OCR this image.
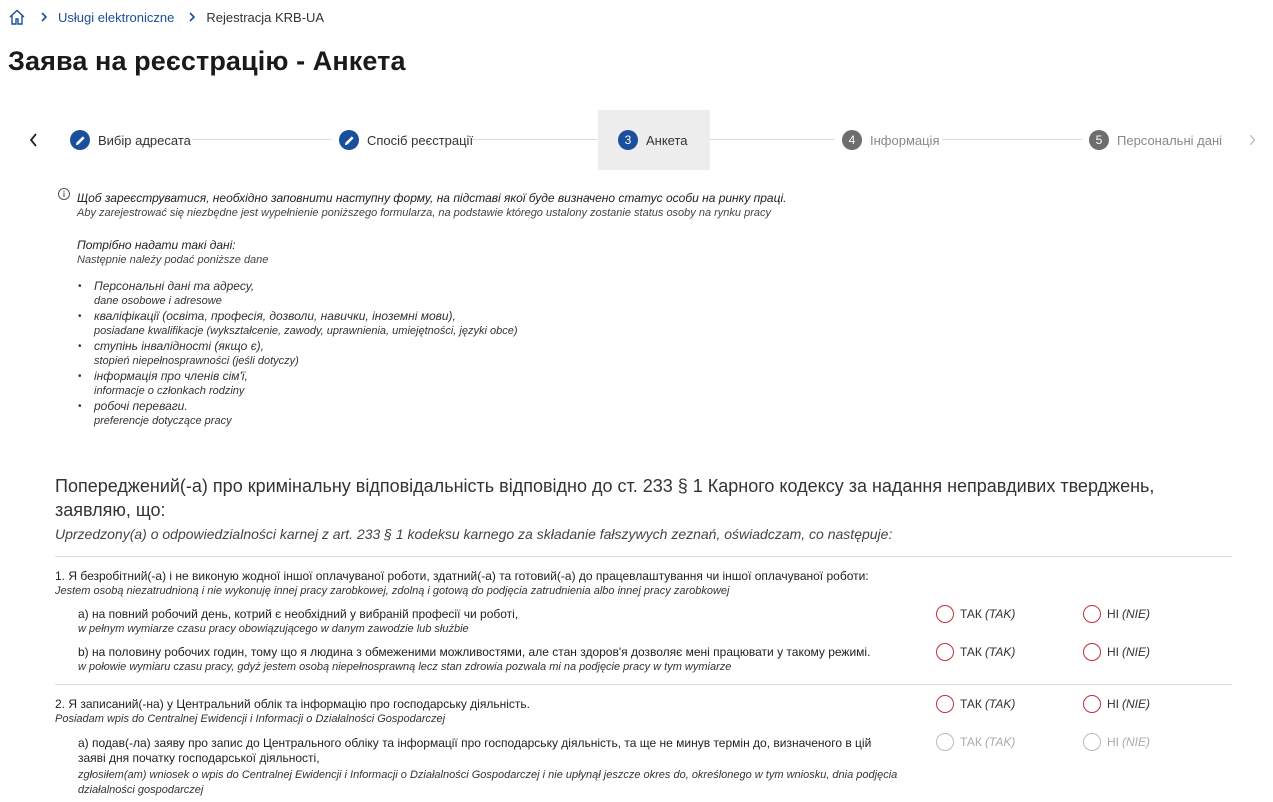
Usługi elektroniczne Rejestracja KRB-UA
Заява на реєстрацію - Анкета
Вибір адресата	Спосіб реєстрації	3	Анкета	4	Інформація	5	Персональні дані
i Щоб зареєструватися, необхідно заповнити наступну форму, на підставі якої буде визначено статус особи на ринку праці.
Aby zarejestrować się niezbędne jest wypełnienie poniższego formularza, na podstawie którego ustalony zostanie status osoby na rynku pracy
Потрібно надати такі дані:
Następnie należy podać poniższe dane
• Персональні дані та адресу,
dane osobowe i adresowe
• кваліфікації (освіта, професія, дозволи, навички, іноземні мови),
posiadane kwalifikacje (wykształcenie, zawody, uprawnienia, umiejętności, języki obce)
• ступінь інвалідності (якщо є),
stopień niepełnosprawności (jeśli dotyczy)
• інформація про членів сім'ї,
informacje o członkach rodziny
• робочі переваги.
preferencje dotyczące pracy
Попереджений(-а) про кримінальну відповідальність відповідно до ст. 233 § 1 Карного кодексу за надання неправдивих тверджень, заявляю, що:
Uprzedzony(a) o odpowiedzialności karnej z art. 233 § 1 kodeksu karnego za składanie fałszywych zeznań, oświadczam, co następuje:
1. Я безробітний(-а) і не виконую жодної іншої оплачуваної роботи, здатний(-а) та готовий(-а) до працевлаштування чи іншої оплачуваної роботи:
Jestem osobą niezatrudnioną i nie wykonuję innej pracy zarobkowej, zdolną i gotową do podjęcia zatrudnienia albo innej pracy zarobkowej
a) на повний робочий день, котрий є необхідний у вибраній професії чи роботі,
w pełnym wymiarze czasu pracy obowiązującego w danym zawodzie lub służbie
ТАК (TAK)	НІ (NIE)
b) на половину робочих годин, тому що я людина з обмеженими можливостями, але стан здоров'я дозволяє мені працювати у такому режимі.
w połowie wymiaru czasu pracy, gdyż jestem osobą niepełnosprawną lecz stan zdrowia pozwala mi na podjęcie pracy w tym wymiarze
ТАК (TAK)	НІ (NIE)
2. Я записаний(-на) у Центральний облік та інформацію про господарську діяльність.
Posiadam wpis do Centralnej Ewidencji i Informacji o Działalności Gospodarczej
ТАК (TAK)	НІ (NIE)
a) подав(-ла) заяву про запис до Центрального обліку та інформації про господарську діяльність, та ще не минув термін до, визначеного в цій заяві дня початку господарської діяльності,
zgłosiłem(am) wniosek o wpis do Centralnej Ewidencji i Informacji o Działalności Gospodarczej i nie upłynął jeszcze okres do, określonego w tym wniosku, dnia podjęcia działalności gospodarczej
ТАК (TAK)	НІ (NIE)
